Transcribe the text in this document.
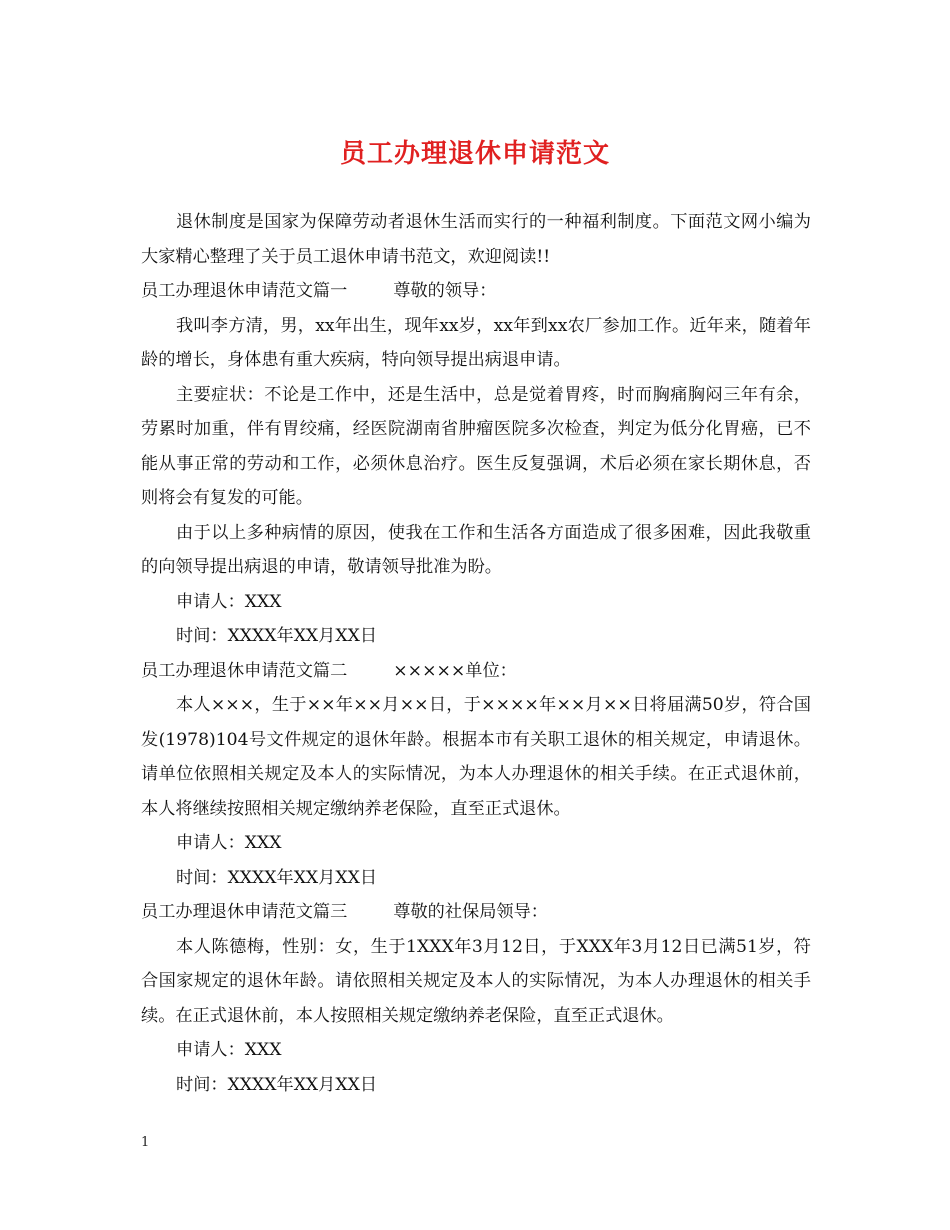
员工办理退休申请范文

退休制度是国家为保障劳动者退休生活而实行的一种福利制度。下面范文网小编为大家精心整理了关于员工退休申请书范文，欢迎阅读!!

员工办理退休申请范文篇一	尊敬的领导：

我叫李方清，男，xx年出生，现年xx岁，xx年到xx农厂参加工作。近年来，随着年龄的增长，身体患有重大疾病，特向领导提出病退申请。

主要症状：不论是工作中，还是生活中，总是觉着胃疼，时而胸痛胸闷三年有余，劳累时加重，伴有胃绞痛，经医院湖南省肿瘤医院多次检查，判定为低分化胃癌，已不能从事正常的劳动和工作，必须休息治疗。医生反复强调，术后必须在家长期休息，否则将会有复发的可能。

由于以上多种病情的原因，使我在工作和生活各方面造成了很多困难，因此我敬重的向领导提出病退的申请，敬请领导批准为盼。

申请人：XXX

时间：XXXX年XX月XX日

员工办理退休申请范文篇二	×××××单位：

本人×××，生于××年××月××日，于××××年××月××日将届满50岁，符合国发(1978)104号文件规定的退休年龄。根据本市有关职工退休的相关规定，申请退休。请单位依照相关规定及本人的实际情况，为本人办理退休的相关手续。在正式退休前，本人将继续按照相关规定缴纳养老保险，直至正式退休。

申请人：XXX

时间：XXXX年XX月XX日

员工办理退休申请范文篇三	尊敬的社保局领导：

本人陈德梅，性别：女，生于1XXX年3月12日，于XXX年3月12日已满51岁，符合国家规定的退休年龄。请依照相关规定及本人的实际情况，为本人办理退休的相关手续。在正式退休前，本人按照相关规定缴纳养老保险，直至正式退休。

申请人：XXX

时间：XXXX年XX月XX日

1
